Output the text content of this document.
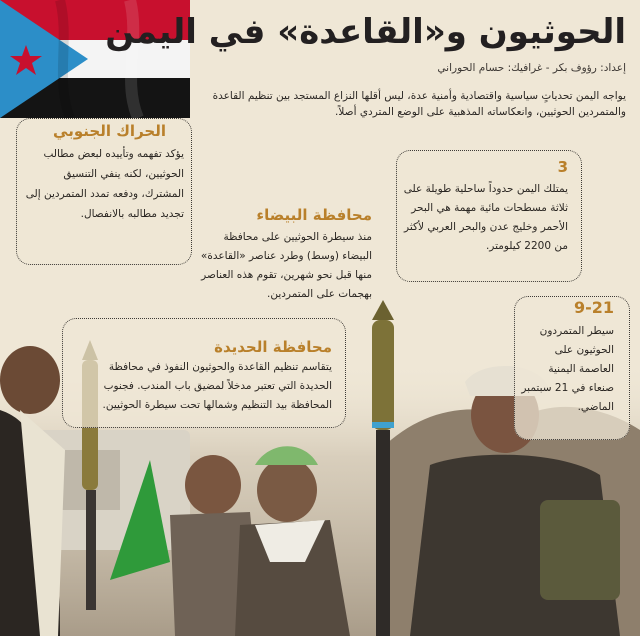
الحوثيون و«القاعدة» في اليمن
إعداد: رؤوف بكر - غرافيك: حسام الحوراني
يواجه اليمن تحدياتٍ سياسية واقتصادية وأمنية عدة، ليس أقلها النزاع المستجد بين تنظيم القاعدة والمتمردين الحوثيين، وانعكاساته المذهبية على الوضع المتردي أصلاً.
الحراك الجنوبي
يؤكد تفهمه وتأييده لبعض مطالب الحوثيين، لكنه ينفي التنسيق المشترك، ودفعه تمدد المتمردين إلى تجديد مطالبه بالانفصال.	محافظة البيضاء
منذ سيطرة الحوثيين على محافظة البيضاء (وسط) وطرد عناصر «القاعدة» منها قبل نحو شهرين، تقوم هذه العناصر بهجمات على المتمردين.
3
يمتلك اليمن حدوداً ساحلية طويلة على ثلاثة مسطحات مائية مهمة هي البحر الأحمر وخليج عدن والبحر العربي لأكثر من 2200 كيلومتر.
محافظة الحديدة
يتقاسم تنظيم القاعدة والحوثيون النفوذ في محافظة الحديدة التي تعتبر مدخلاً لمضيق باب المندب. فجنوب المحافظة بيد التنظيم وشمالها تحت سيطرة الحوثيين.
9-21
سيطر المتمردون الحوثيون على العاصمة اليمنية صنعاء في 21 سبتمبر الماضي.
